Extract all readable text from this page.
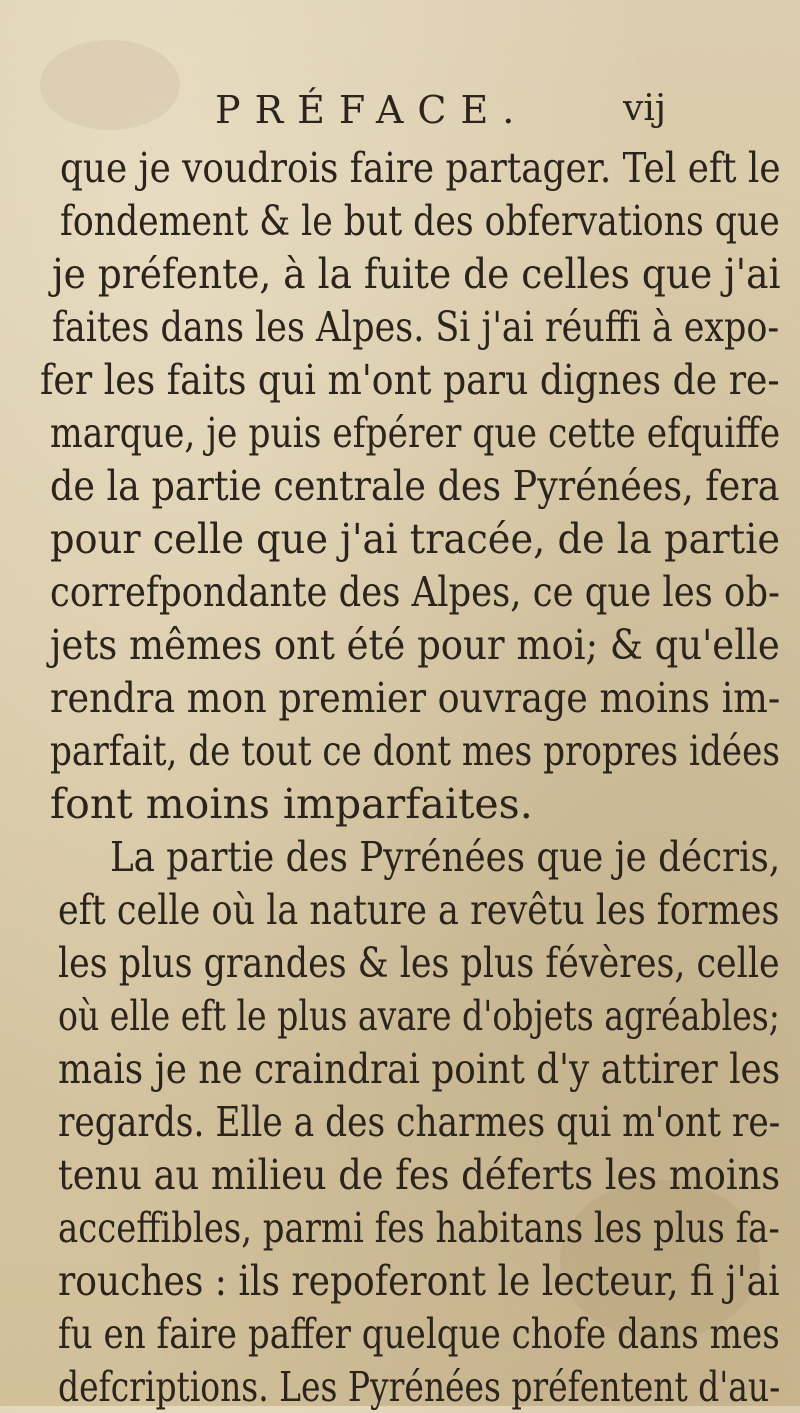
PRÉFACE.	vij
que je voudrois faire partager. Tel eft le
fondement & le but des obfervations que
je préfente, à la fuite de celles que j'ai
faites dans les Alpes. Si j'ai réuffi à expo-
fer les faits qui m'ont paru dignes de re-
marque, je puis efpérer que cette efquiffe
de la partie centrale des Pyrénées, fera
pour celle que j'ai tracée, de la partie
correfpondante des Alpes, ce que les ob-
jets mêmes ont été pour moi; & qu'elle
rendra mon premier ouvrage moins im-
parfait, de tout ce dont mes propres idées
font moins imparfaites.
La partie des Pyrénées que je décris,
eft celle où la nature a revêtu les formes
les plus grandes & les plus févères, celle
où elle eft le plus avare d'objets agréables;
mais je ne craindrai point d'y attirer les
regards. Elle a des charmes qui m'ont re-
tenu au milieu de fes déferts les moins
acceffibles, parmi fes habitans les plus fa-
rouches : ils repoferont le lecteur, fi j'ai
fu en faire paffer quelque chofe dans mes
defcriptions. Les Pyrénées préfentent d'au-
